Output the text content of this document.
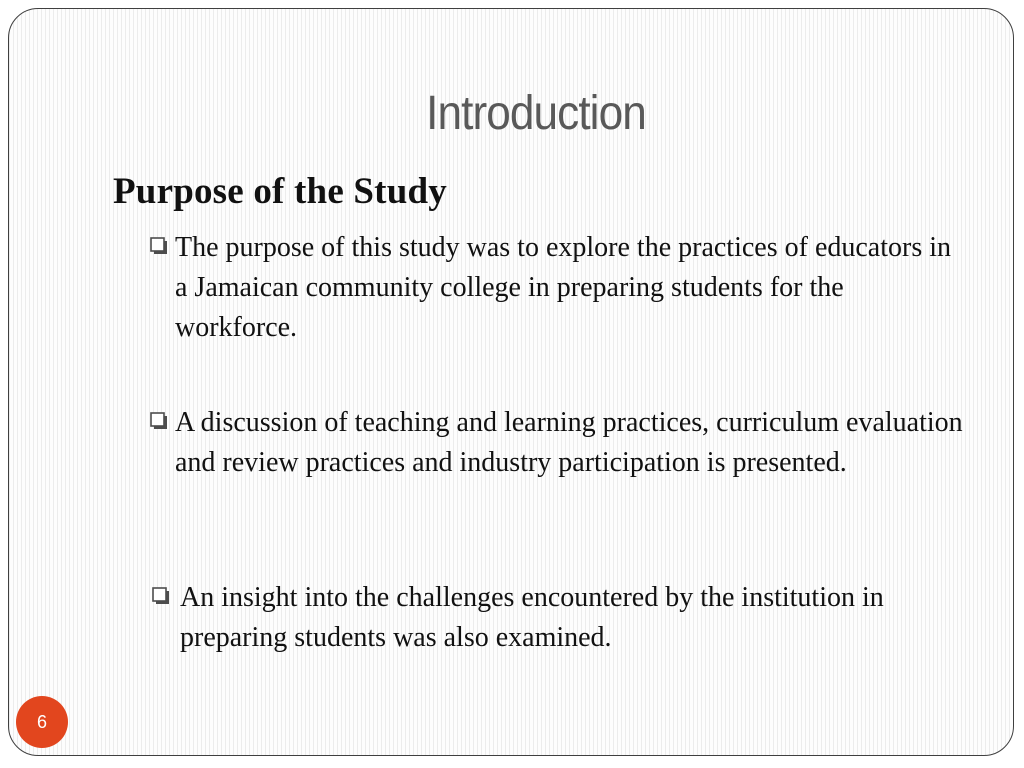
Introduction
Purpose of the Study
The purpose of this study was to explore the practices of educators in a Jamaican community college in preparing students for the workforce.
A discussion of teaching and learning practices, curriculum evaluation and review practices and industry participation is presented.
An insight into the challenges encountered by the institution in preparing students was also examined.
6
